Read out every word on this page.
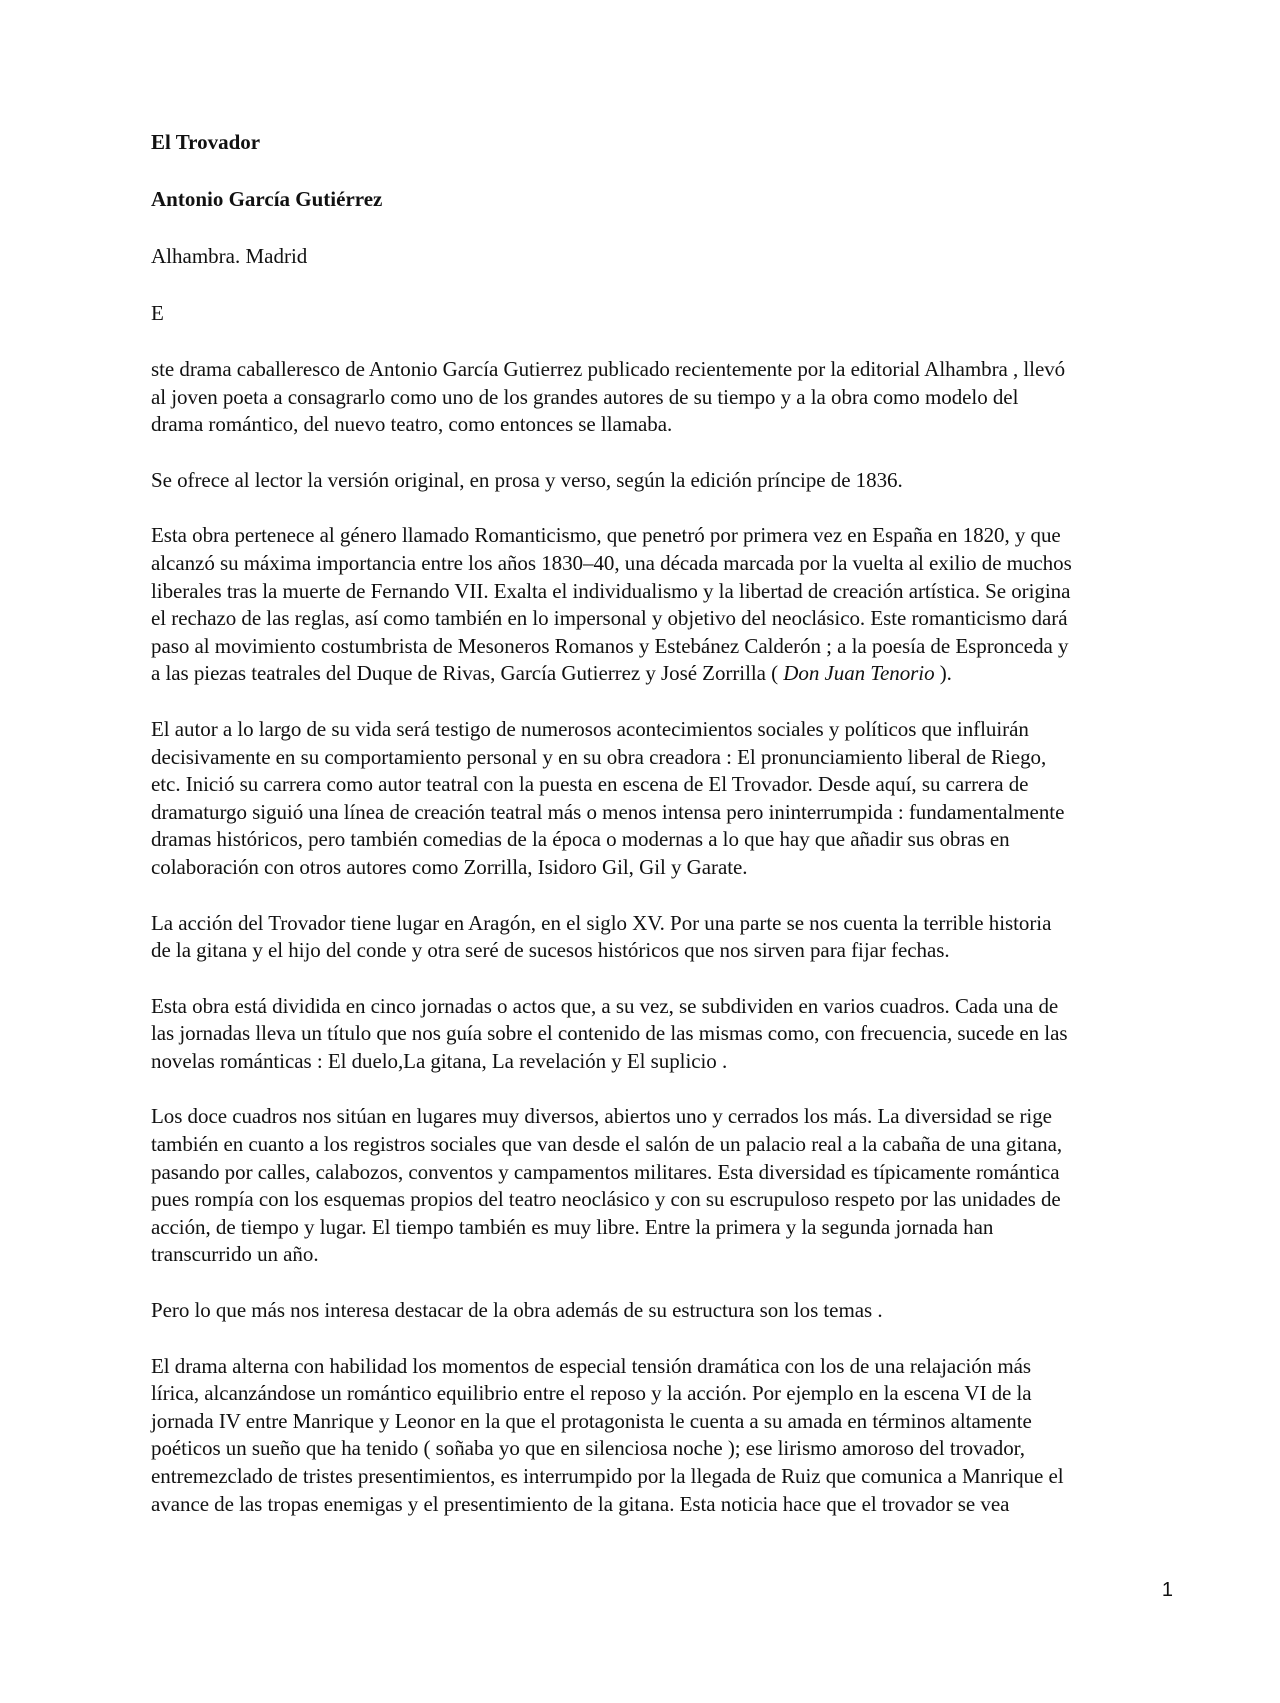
El Trovador
Antonio García Gutiérrez
Alhambra. Madrid
E

ste drama caballeresco de Antonio García Gutierrez publicado recientemente por la editorial Alhambra , llevó
al joven poeta a consagrarlo como uno de los grandes autores de su tiempo y a la obra como modelo del
drama romántico, del nuevo teatro, como entonces se llamaba.

Se ofrece al lector la versión original, en prosa y verso, según la edición príncipe de 1836.

Esta obra pertenece al género llamado Romanticismo, que penetró por primera vez en España en 1820, y que
alcanzó su máxima importancia entre los años 1830–40, una década marcada por la vuelta al exilio de muchos
liberales tras la muerte de Fernando VII. Exalta el individualismo y la libertad de creación artística. Se origina
el rechazo de las reglas, así como también en lo impersonal y objetivo del neoclásico. Este romanticismo dará
paso al movimiento costumbrista de Mesoneros Romanos y Estebánez Calderón ; a la poesía de Espronceda y
a las piezas teatrales del Duque de Rivas, García Gutierrez y José Zorrilla ( Don Juan Tenorio ).

El autor a lo largo de su vida será testigo de numerosos acontecimientos sociales y políticos que influirán
decisivamente en su comportamiento personal y en su obra creadora : El pronunciamiento liberal de Riego,
etc. Inició su carrera como autor teatral con la puesta en escena de El Trovador. Desde aquí, su carrera de
dramaturgo siguió una línea de creación teatral más o menos intensa pero ininterrumpida : fundamentalmente
dramas históricos, pero también comedias de la época o modernas a lo que hay que añadir sus obras en
colaboración con otros autores como Zorrilla, Isidoro Gil, Gil y Garate.

La acción del Trovador tiene lugar en Aragón, en el siglo XV. Por una parte se nos cuenta la terrible historia
de la gitana y el hijo del conde y otra seré de sucesos históricos que nos sirven para fijar fechas.

Esta obra está dividida en cinco jornadas o actos que, a su vez, se subdividen en varios cuadros. Cada una de
las jornadas lleva un título que nos guía sobre el contenido de las mismas como, con frecuencia, sucede en las
novelas románticas : El duelo,La gitana, La revelación y El suplicio .

Los doce cuadros nos sitúan en lugares muy diversos, abiertos uno y cerrados los más. La diversidad se rige
también en cuanto a los registros sociales que van desde el salón de un palacio real a la cabaña de una gitana,
pasando por calles, calabozos, conventos y campamentos militares. Esta diversidad es típicamente romántica
pues rompía con los esquemas propios del teatro neoclásico y con su escrupuloso respeto por las unidades de
acción, de tiempo y lugar. El tiempo también es muy libre. Entre la primera y la segunda jornada han
transcurrido un año.

Pero lo que más nos interesa destacar de la obra además de su estructura son los temas .

El drama alterna con habilidad los momentos de especial tensión dramática con los de una relajación más
lírica, alcanzándose un romántico equilibrio entre el reposo y la acción. Por ejemplo en la escena VI de la
jornada IV entre Manrique y Leonor en la que el protagonista le cuenta a su amada en términos altamente
poéticos un sueño que ha tenido ( soñaba yo que en silenciosa noche ); ese lirismo amoroso del trovador,
entremezclado de tristes presentimientos, es interrumpido por la llegada de Ruiz que comunica a Manrique el
avance de las tropas enemigas y el presentimiento de la gitana. Esta noticia hace que el trovador se vea

1
